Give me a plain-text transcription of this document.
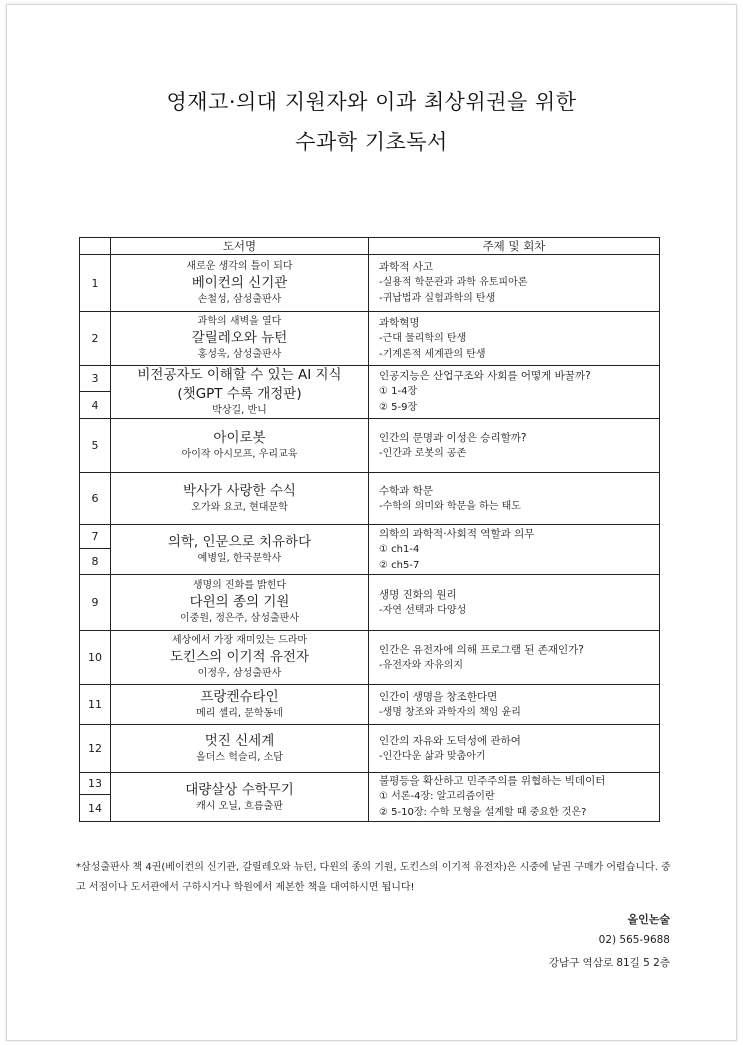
영재고·의대 지원자와 이과 최상위권을 위한
수과학 기초독서
	도서명	주제 및 회차
1	새로운 생각의 틀이 되다
베이컨의 신기관
손철성, 삼성출판사	과학적 사고
-실용적 학문관과 과학 유토피아론
-귀납법과 실험과학의 탄생

2	과학의 새벽을 열다
갈릴레오와 뉴턴
홍성욱, 삼성출판사	과학혁명
-근대 물리학의 탄생
-기계론적 세계관의 탄생

3	비전공자도 이해할 수 있는 AI 지식
(챗GPT 수록 개정판)
박상길, 반니	인공지능은 산업구조와 사회를 어떻게 바꿀까?
① 1-4장
② 5-9장

4		
5	아이로봇
아이작 아시모프, 우리교육	인간의 문명과 이성은 승리할까?
-인간과 로봇의 공존

6	박사가 사랑한 수식
오가와 요코, 현대문학	수학과 학문
-수학의 의미와 학문을 하는 태도

7	의학, 인문으로 치유하다
예병일, 한국문학사	의학의 과학적·사회적 역할과 의무
① ch1-4
② ch5-7

8		
9	생명의 진화를 밝힌다
다윈의 종의 기원
이중원, 정은주, 삼성출판사	생명 진화의 원리
-자연 선택과 다양성

10	세상에서 가장 재미있는 드라마
도킨스의 이기적 유전자
이정우, 삼성출판사	인간은 유전자에 의해 프로그램 된 존재인가?
-유전자와 자유의지

11	프랑켄슈타인
메리 셸리, 문학동네	인간이 생명을 창조한다면
-생명 창조와 과학자의 책임 윤리

12	멋진 신세계
올더스 헉슬리, 소담	인간의 자유와 도덕성에 관하여
-인간다운 삶과 맞춤아기

13	대량살상 수학무기
캐시 오닐, 흐름출판	불평등을 확산하고 민주주의를 위협하는 빅데이터
① 서론-4장: 알고리즘이란
② 5-10장: 수학 모형을 설계할 때 중요한 것은?

14		
*삼성출판사 책 4권(베이컨의 신기관, 갈릴레오와 뉴턴, 다윈의 종의 기원, 도킨스의 이기적 유전자)은 시중에 낱권 구매가 어렵습니다. 중고 서점이나 도서관에서 구하시거나 학원에서 제본한 책을 대여하시면 됩니다!
올인논술
02) 565-9688
강남구 역삼로 81길 5 2층
